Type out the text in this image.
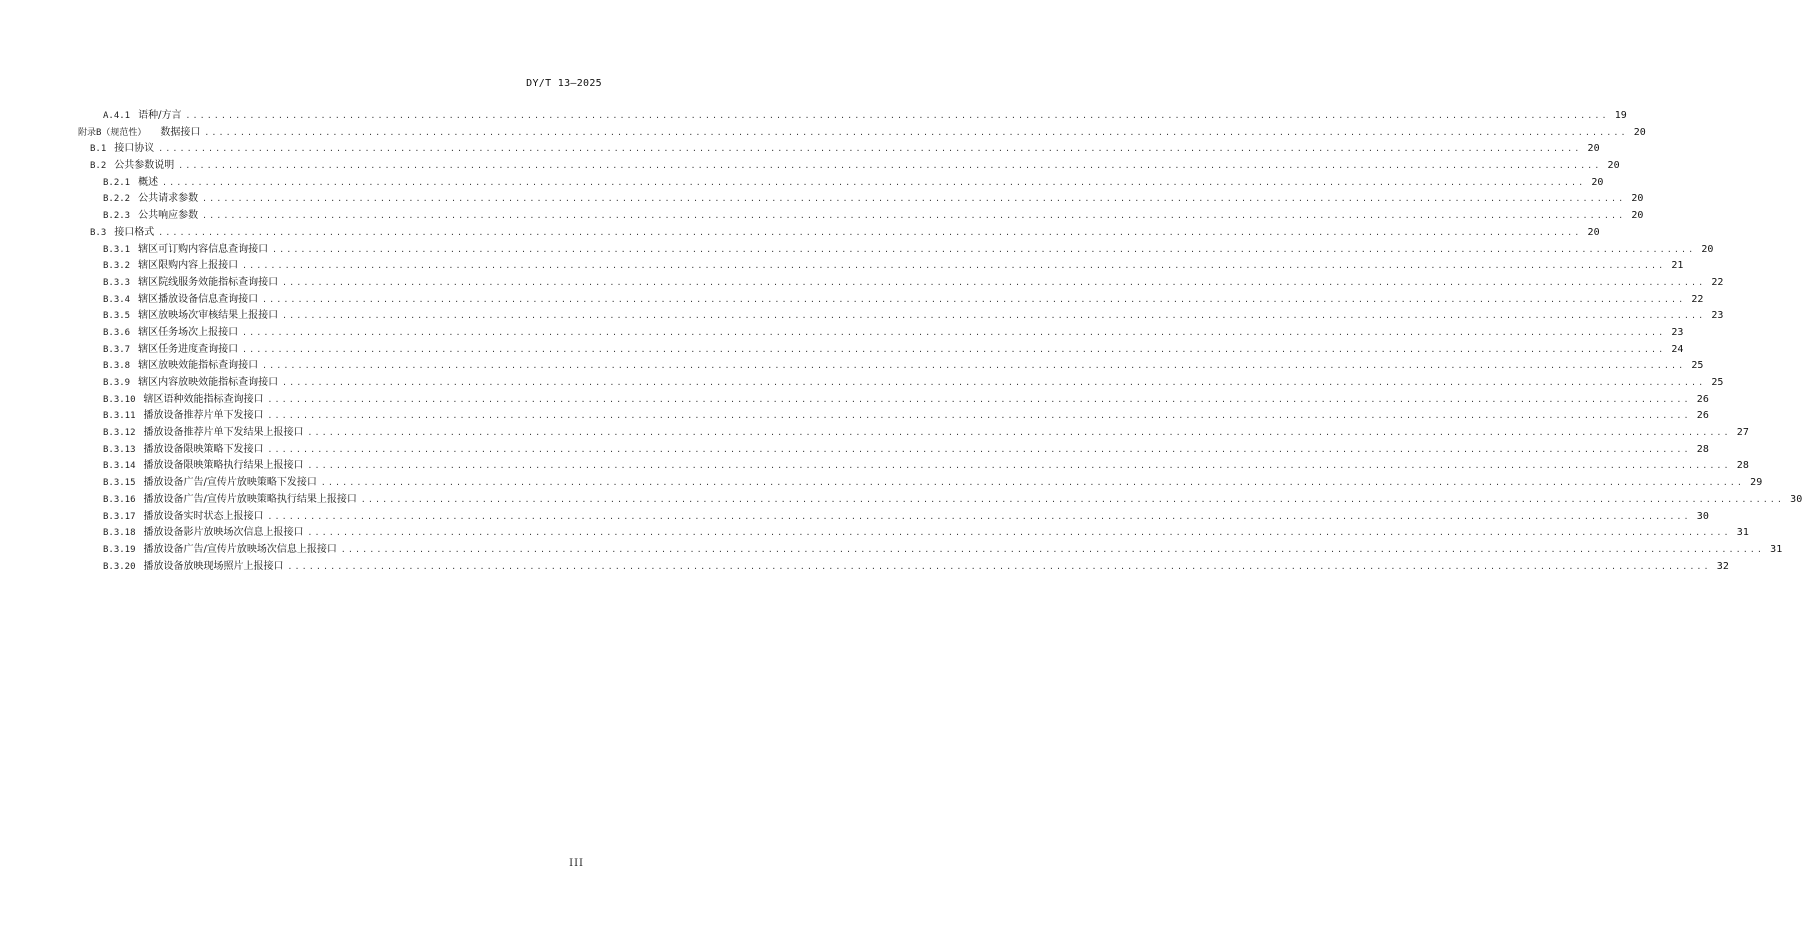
DY/T 13—2025
A.4.1 语种/方言 ........................................................................................................................................................................................................ 19
附录B（规范性） 数据接口 ........................................................................................................................................................................................................ 20
B.1 接口协议 ........................................................................................................................................................................................................ 20
B.2 公共参数说明 ........................................................................................................................................................................................................ 20
B.2.1 概述 ........................................................................................................................................................................................................ 20
B.2.2 公共请求参数 ........................................................................................................................................................................................................ 20
B.2.3 公共响应参数 ........................................................................................................................................................................................................ 20
B.3 接口格式 ........................................................................................................................................................................................................ 20
B.3.1 辖区可订购内容信息查询接口 ........................................................................................................................................................................................................ 20
B.3.2 辖区限购内容上报接口 ........................................................................................................................................................................................................ 21
B.3.3 辖区院线服务效能指标查询接口 ........................................................................................................................................................................................................ 22
B.3.4 辖区播放设备信息查询接口 ........................................................................................................................................................................................................ 22
B.3.5 辖区放映场次审核结果上报接口 ........................................................................................................................................................................................................ 23
B.3.6 辖区任务场次上报接口 ........................................................................................................................................................................................................ 23
B.3.7 辖区任务进度查询接口 ........................................................................................................................................................................................................ 24
B.3.8 辖区放映效能指标查询接口 ........................................................................................................................................................................................................ 25
B.3.9 辖区内容放映效能指标查询接口 ........................................................................................................................................................................................................ 25
B.3.10 辖区语种效能指标查询接口 ........................................................................................................................................................................................................ 26
B.3.11 播放设备推荐片单下发接口 ........................................................................................................................................................................................................ 26
B.3.12 播放设备推荐片单下发结果上报接口 ........................................................................................................................................................................................................ 27
B.3.13 播放设备限映策略下发接口 ........................................................................................................................................................................................................ 28
B.3.14 播放设备限映策略执行结果上报接口 ........................................................................................................................................................................................................ 28
B.3.15 播放设备广告/宣传片放映策略下发接口 ........................................................................................................................................................................................................ 29
B.3.16 播放设备广告/宣传片放映策略执行结果上报接口 ........................................................................................................................................................................................................ 30
B.3.17 播放设备实时状态上报接口 ........................................................................................................................................................................................................ 30
B.3.18 播放设备影片放映场次信息上报接口 ........................................................................................................................................................................................................ 31
B.3.19 播放设备广告/宣传片放映场次信息上报接口 ........................................................................................................................................................................................................ 31
B.3.20 播放设备放映现场照片上报接口 ........................................................................................................................................................................................................ 32
III
